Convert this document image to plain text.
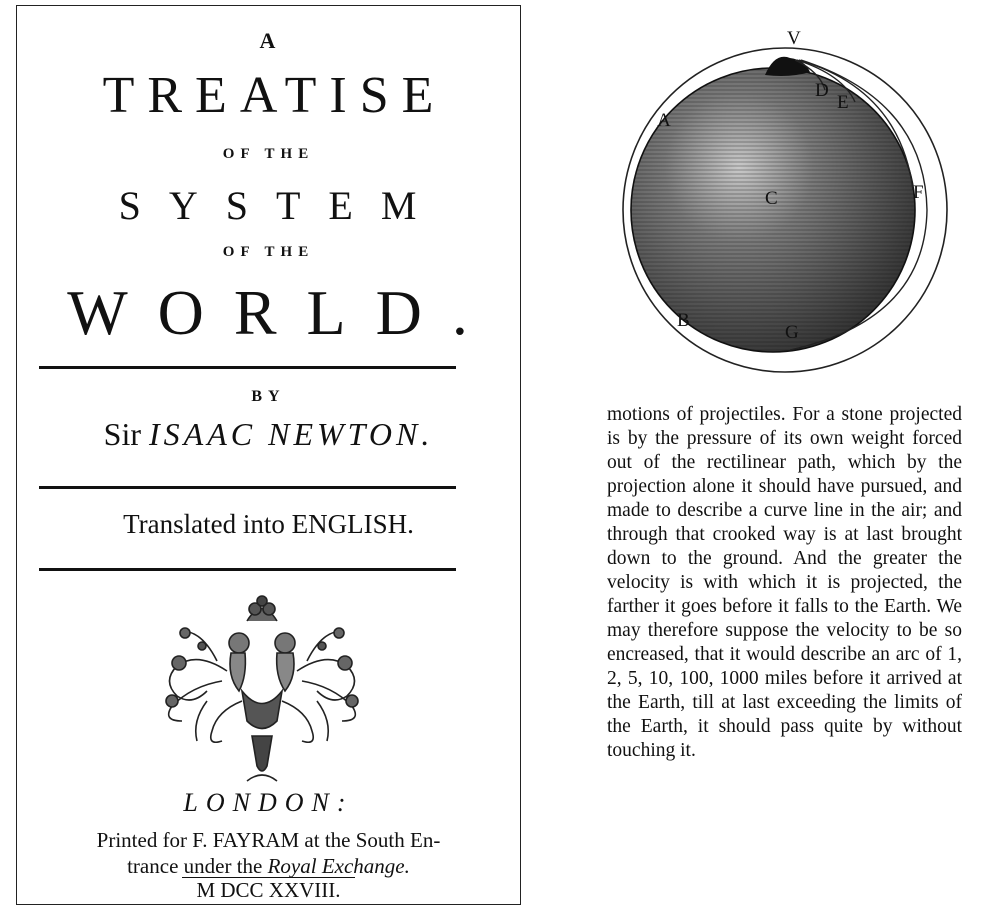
A
TREATISE
OF THE
SYSTEM
OF THE
WORLD.
BY
Sir ISAAC NEWTON.
Translated into ENGLISH.
LONDON:
Printed for F. FAYRAM at the South En-
trance under the Royal Exchange.
M DCC XXVIII.
V
D
E
A
C	F
B
G

motions of projectiles. For a stone projected is by the pressure of its own weight forced out of the rectilinear path, which by the projection alone it should have pursued, and made to describe a curve line in the air; and through that crooked way is at last brought down to the ground. And the greater the velocity is with which it is projected, the farther it goes before it falls to the Earth. We may therefore suppose the velocity to be so encreased, that it would describe an arc of 1, 2, 5, 10, 100, 1000 miles before it arrived at the Earth, till at last exceeding the limits of the Earth, it should pass quite by without touching it.
